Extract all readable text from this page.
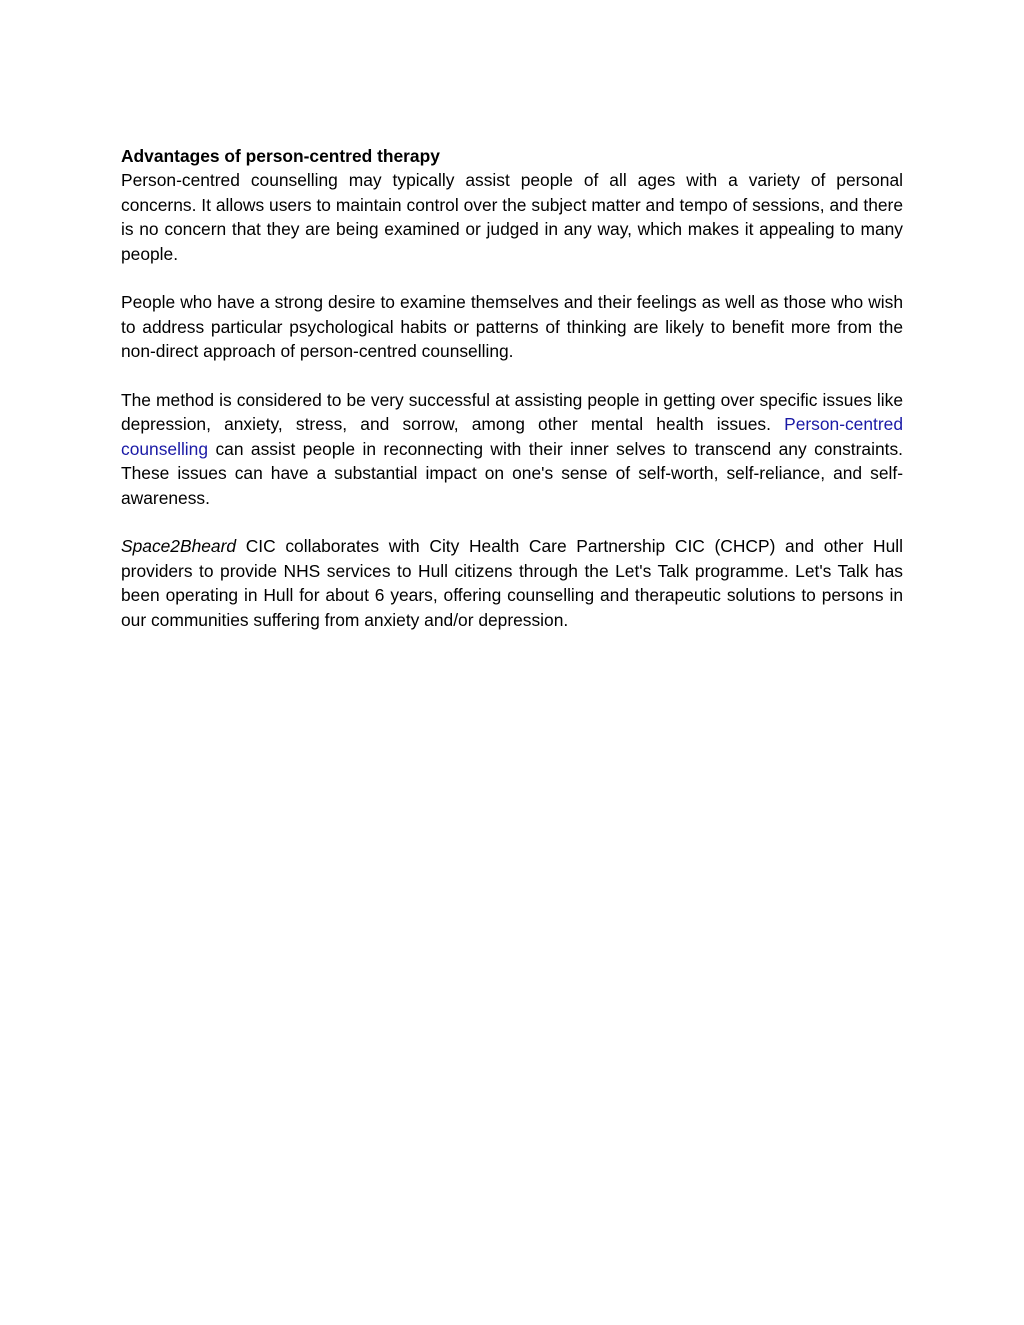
Advantages of person-centred therapy

Person-centred counselling may typically assist people of all ages with a variety of personal concerns. It allows users to maintain control over the subject matter and tempo of sessions, and there is no concern that they are being examined or judged in any way, which makes it appealing to many people.

People who have a strong desire to examine themselves and their feelings as well as those who wish to address particular psychological habits or patterns of thinking are likely to benefit more from the non-direct approach of person-centred counselling.

The method is considered to be very successful at assisting people in getting over specific issues like depression, anxiety, stress, and sorrow, among other mental health issues. Person-centred counselling can assist people in reconnecting with their inner selves to transcend any constraints. These issues can have a substantial impact on one's sense of self-worth, self-reliance, and self-awareness.

Space2Bheard CIC collaborates with City Health Care Partnership CIC (CHCP) and other Hull providers to provide NHS services to Hull citizens through the Let's Talk programme. Let's Talk has been operating in Hull for about 6 years, offering counselling and therapeutic solutions to persons in our communities suffering from anxiety and/or depression.
